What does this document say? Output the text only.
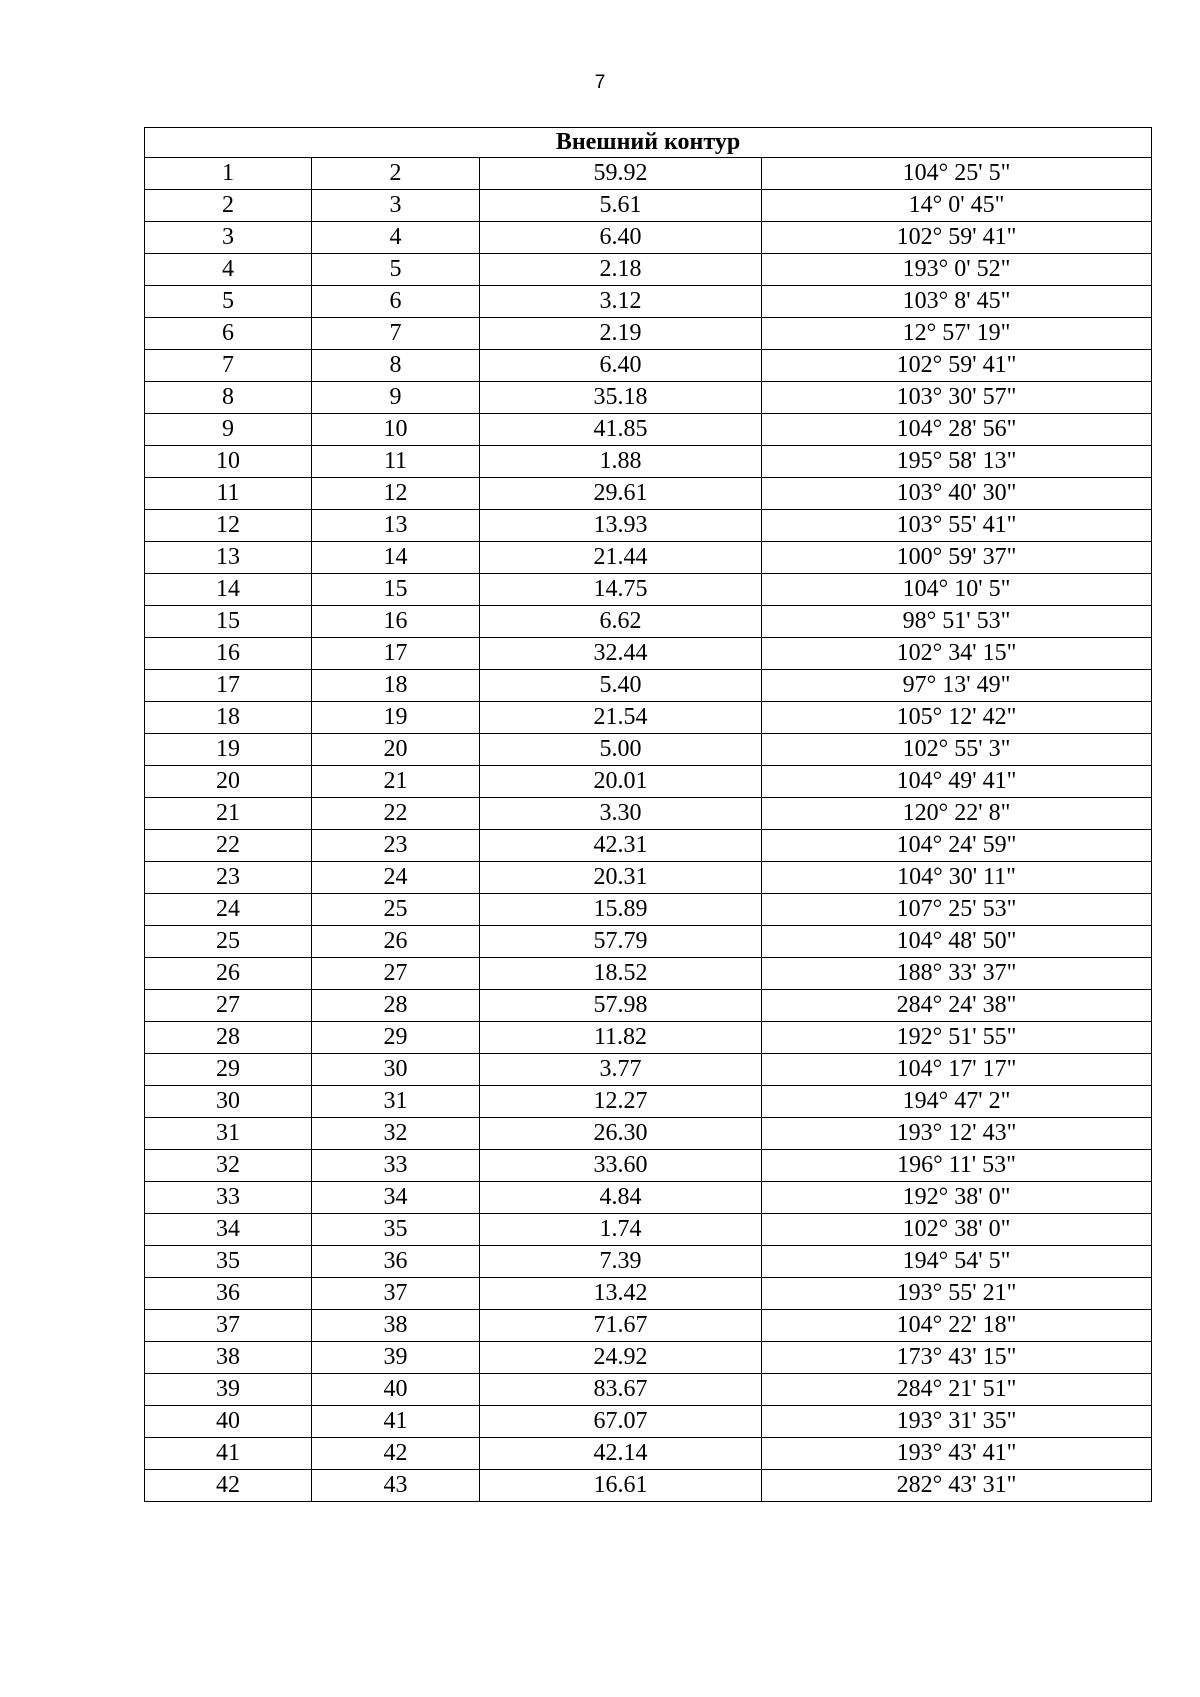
7
Внешний контур			
1	2	59.92	104° 25' 5"
2	3	5.61	14° 0' 45"
3	4	6.40	102° 59' 41"
4	5	2.18	193° 0' 52"
5	6	3.12	103° 8' 45"
6	7	2.19	12° 57' 19"
7	8	6.40	102° 59' 41"
8	9	35.18	103° 30' 57"
9	10	41.85	104° 28' 56"
10	11	1.88	195° 58' 13"
11	12	29.61	103° 40' 30"
12	13	13.93	103° 55' 41"
13	14	21.44	100° 59' 37"
14	15	14.75	104° 10' 5"
15	16	6.62	98° 51' 53"
16	17	32.44	102° 34' 15"
17	18	5.40	97° 13' 49"
18	19	21.54	105° 12' 42"
19	20	5.00	102° 55' 3"
20	21	20.01	104° 49' 41"
21	22	3.30	120° 22' 8"
22	23	42.31	104° 24' 59"
23	24	20.31	104° 30' 11"
24	25	15.89	107° 25' 53"
25	26	57.79	104° 48' 50"
26	27	18.52	188° 33' 37"
27	28	57.98	284° 24' 38"
28	29	11.82	192° 51' 55"
29	30	3.77	104° 17' 17"
30	31	12.27	194° 47' 2"
31	32	26.30	193° 12' 43"
32	33	33.60	196° 11' 53"
33	34	4.84	192° 38' 0"
34	35	1.74	102° 38' 0"
35	36	7.39	194° 54' 5"
36	37	13.42	193° 55' 21"
37	38	71.67	104° 22' 18"
38	39	24.92	173° 43' 15"
39	40	83.67	284° 21' 51"
40	41	67.07	193° 31' 35"
41	42	42.14	193° 43' 41"
42	43	16.61	282° 43' 31"
